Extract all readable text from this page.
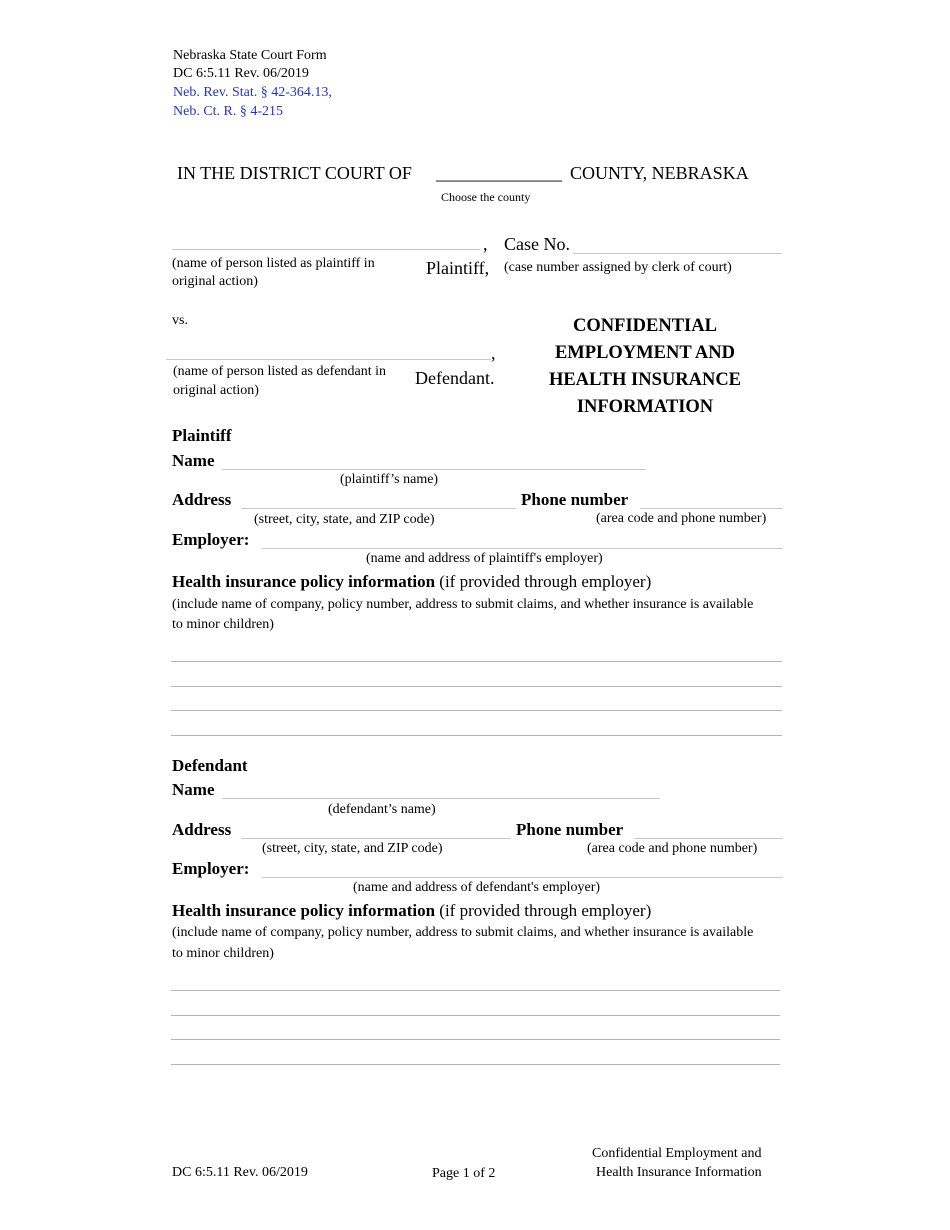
Nebraska State Court Form
DC 6:5.11 Rev. 06/2019
Neb. Rev. Stat. § 42-364.13,
Neb. Ct. R. § 4-215
IN THE DISTRICT COURT OF ______________ COUNTY, NEBRASKA
Choose the county
,
(name of person listed as plaintiff in
original action)
Plaintiff,
Case No.
(case number assigned by clerk of court)
vs.
,
(name of person listed as defendant in
original action)
Defendant.
CONFIDENTIAL
EMPLOYMENT AND
HEALTH INSURANCE
INFORMATION
Plaintiff
Name
(plaintiff’s name)
Address
(street, city, state, and ZIP code)
Phone number
(area code and phone number)
Employer:
(name and address of plaintiff's employer)
Health insurance policy information (if provided through employer)
(include name of company, policy number, address to submit claims, and whether insurance is available
to minor children)
Defendant
Name
(defendant’s name)
Address
(street, city, state, and ZIP code)
Phone number
(area code and phone number)
Employer:
(name and address of defendant's employer)
Health insurance policy information (if provided through employer)
(include name of company, policy number, address to submit claims, and whether insurance is available
to minor children)
DC 6:5.11 Rev. 06/2019	Page 1 of 2
Confidential Employment and
Health Insurance Information
